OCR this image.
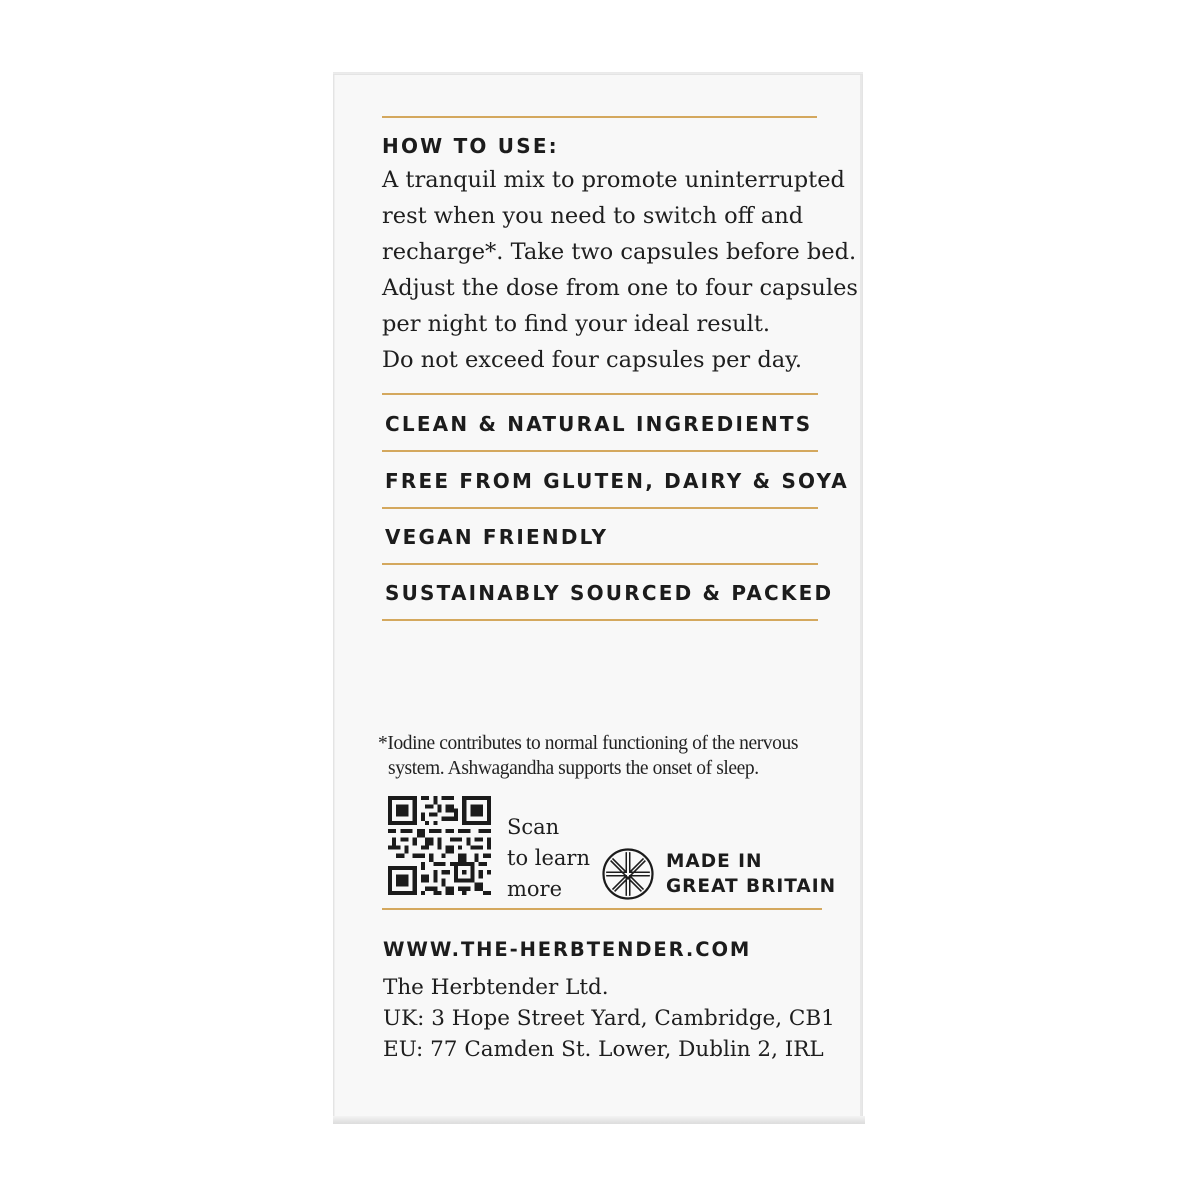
HOW TO USE:
A tranquil mix to promote uninterrupted
rest when you need to switch off and
recharge*. Take two capsules before bed.
Adjust the dose from one to four capsules
per night to find your ideal result.
Do not exceed four capsules per day.
CLEAN & NATURAL INGREDIENTS
FREE FROM GLUTEN, DAIRY & SOYA
VEGAN FRIENDLY
SUSTAINABLY SOURCED & PACKED
*Iodine contributes to normal functioning of the nervous
system. Ashwagandha supports the onset of sleep.
Scan
to learn
more
MADE IN
GREAT BRITAIN
WWW.THE-HERBTENDER.COM
The Herbtender Ltd.
UK: 3 Hope Street Yard, Cambridge, CB1
EU: 77 Camden St. Lower, Dublin 2, IRL
